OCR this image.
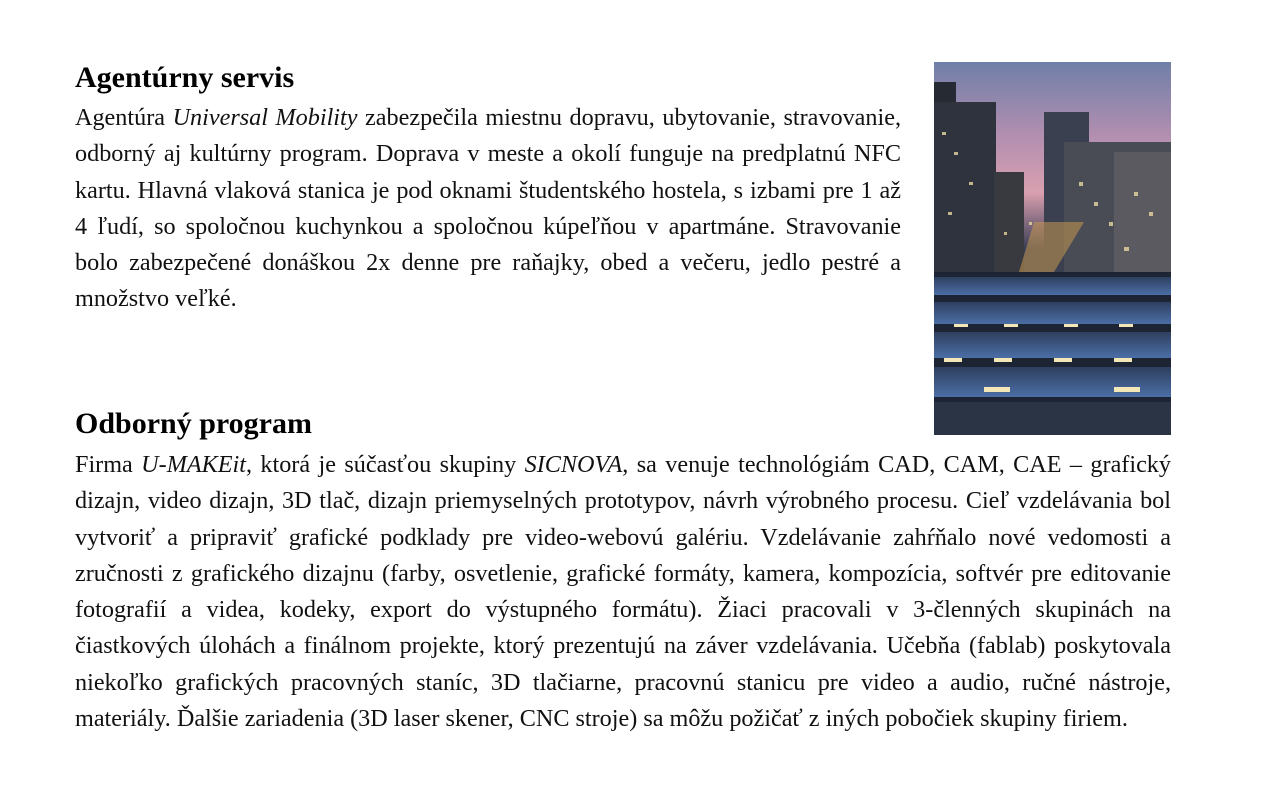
Agentúrny servis

Agentúra Universal Mobility zabezpečila miestnu dopravu, ubytovanie, stravovanie, odborný aj kultúrny program. Doprava v meste a okolí funguje na predplatnú NFC kartu. Hlavná vlaková stanica je pod oknami študentského hostela, s izbami pre 1 až 4 ľudí, so spoločnou kuchynkou a spoločnou kúpeľňou v apartmáne. Stravovanie bolo zabezpečené donáškou 2x denne pre raňajky, obed a večeru, jedlo pestré a množstvo veľké.

Odborný program

Firma U-MAKEit, ktorá je súčasťou skupiny SICNOVA, sa venuje technológiám CAD, CAM, CAE – grafický dizajn, video dizajn, 3D tlač, dizajn priemyselných prototypov, návrh výrobného procesu. Cieľ vzdelávania bol vytvoriť a pripraviť grafické podklady pre video-webovú galériu. Vzdelávanie zahŕňalo nové vedomosti a zručnosti z grafického dizajnu (farby, osvetlenie, grafické formáty, kamera, kompozícia, softvér pre editovanie fotografií a videa, kodeky, export do výstupného formátu). Žiaci pracovali v 3-členných skupinách na čiastkových úlohách a finálnom projekte, ktorý prezentujú na záver vzdelávania. Učebňa (fablab) poskytovala niekoľko grafických pracovných staníc, 3D tlačiarne, pracovnú stanicu pre video a audio, ručné nástroje, materiály. Ďalšie zariadenia (3D laser skener, CNC stroje) sa môžu požičať z iných pobočiek skupiny firiem.
